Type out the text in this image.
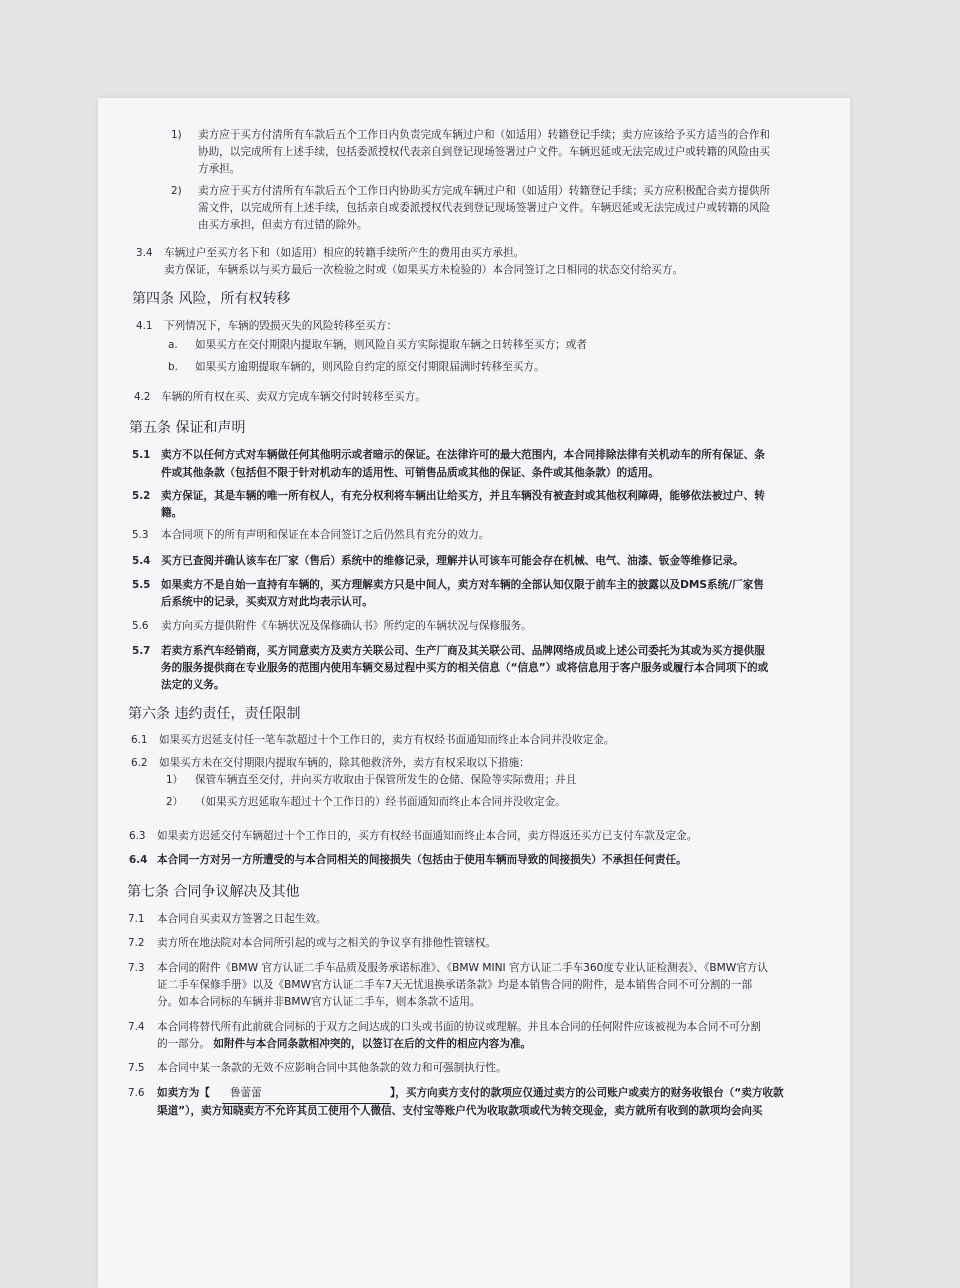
1) 卖方应于买方付清所有车款后五个工作日内负责完成车辆过户和（如适用）转籍登记手续；卖方应该给予买方适当的合作和
协助，以完成所有上述手续，包括委派授权代表亲自到登记现场签署过户文件。车辆迟延或无法完成过户或转籍的风险由买
方承担。
2) 卖方应于买方付清所有车款后五个工作日内协助买方完成车辆过户和（如适用）转籍登记手续；买方应积极配合卖方提供所
需文件，以完成所有上述手续，包括亲自或委派授权代表到登记现场签署过户文件。车辆迟延或无法完成过户或转籍的风险
由买方承担，但卖方有过错的除外。
3.4 车辆过户至买方名下和（如适用）相应的转籍手续所产生的费用由买方承担。
卖方保证，车辆系以与买方最后一次检验之时或（如果买方未检验的）本合同签订之日相同的状态交付给买方。
第四条 风险，所有权转移
4.1 下列情况下，车辆的毁损灭失的风险转移至买方：
a. 如果买方在交付期限内提取车辆，则风险自买方实际提取车辆之日转移至买方；或者
b. 如果买方逾期提取车辆的，则风险自约定的原交付期限届满时转移至买方。
4.2 车辆的所有权在买、卖双方完成车辆交付时转移至买方。
第五条 保证和声明
5.1 卖方不以任何方式对车辆做任何其他明示或者暗示的保证。在法律许可的最大范围内，本合同排除法律有关机动车的所有保证、条
件或其他条款（包括但不限于针对机动车的适用性、可销售品质或其他的保证、条件或其他条款）的适用。
5.2 卖方保证，其是车辆的唯一所有权人，有充分权利将车辆出让给买方，并且车辆没有被查封或其他权利障碍，能够依法被过户、转
籍。
5.3 本合同项下的所有声明和保证在本合同签订之后仍然具有充分的效力。
5.4 买方已查阅并确认该车在厂家（售后）系统中的维修记录，理解并认可该车可能会存在机械、电气、油漆、钣金等维修记录。
5.5 如果卖方不是自始一直持有车辆的，买方理解卖方只是中间人，卖方对车辆的全部认知仅限于前车主的披露以及DMS系统/厂家售
后系统中的记录，买卖双方对此均表示认可。
5.6 卖方向买方提供附件《车辆状况及保修确认书》所约定的车辆状况与保修服务。
5.7 若卖方系汽车经销商，买方同意卖方及卖方关联公司、生产厂商及其关联公司、品牌网络成员或上述公司委托为其或为买方提供服
务的服务提供商在专业服务的范围内使用车辆交易过程中买方的相关信息（“信息”）或将信息用于客户服务或履行本合同项下的或
法定的义务。
第六条 违约责任，责任限制
6.1 如果买方迟延支付任一笔车款超过十个工作日的，卖方有权经书面通知而终止本合同并没收定金。
6.2 如果买方未在交付期限内提取车辆的，除其他救济外，卖方有权采取以下措施：
1） 保管车辆直至交付，并向买方收取由于保管所发生的仓储、保险等实际费用；并且
2） （如果买方迟延取车超过十个工作日的）经书面通知而终止本合同并没收定金。
6.3 如果卖方迟延交付车辆超过十个工作日的，买方有权经书面通知而终止本合同，卖方得返还买方已支付车款及定金。
6.4 本合同一方对另一方所遭受的与本合同相关的间接损失（包括由于使用车辆而导致的间接损失）不承担任何责任。
第七条 合同争议解决及其他
7.1 本合同自买卖双方签署之日起生效。
7.2 卖方所在地法院对本合同所引起的或与之相关的争议享有排他性管辖权。
7.3 本合同的附件《BMW 官方认证二手车品质及服务承诺标准》、《BMW MINI 官方认证二手车360度专业认证检测表》、《BMW官方认
证二手车保修手册》以及《BMW官方认证二手车7天无忧退换承诺条款》均是本销售合同的附件，是本销售合同不可分割的一部
分。如本合同标的车辆并非BMW官方认证二手车，则本条款不适用。
7.4 本合同将替代所有此前就合同标的于双方之间达成的口头或书面的协议或理解。并且本合同的任何附件应该被视为本合同不可分割
的一部分。 如附件与本合同条款相冲突的，以签订在后的文件的相应内容为准。
7.5 本合同中某一条款的无效不应影响合同中其他条款的效力和可强制执行性。
7.6 如卖方为【 鲁蕾蕾	】，买方向卖方支付的款项应仅通过卖方的公司账户或卖方的财务收银台（“卖方收款
渠道”），卖方知晓卖方不允许其员工使用个人微信、支付宝等账户代为收取款项或代为转交现金，卖方就所有收到的款项均会向买
